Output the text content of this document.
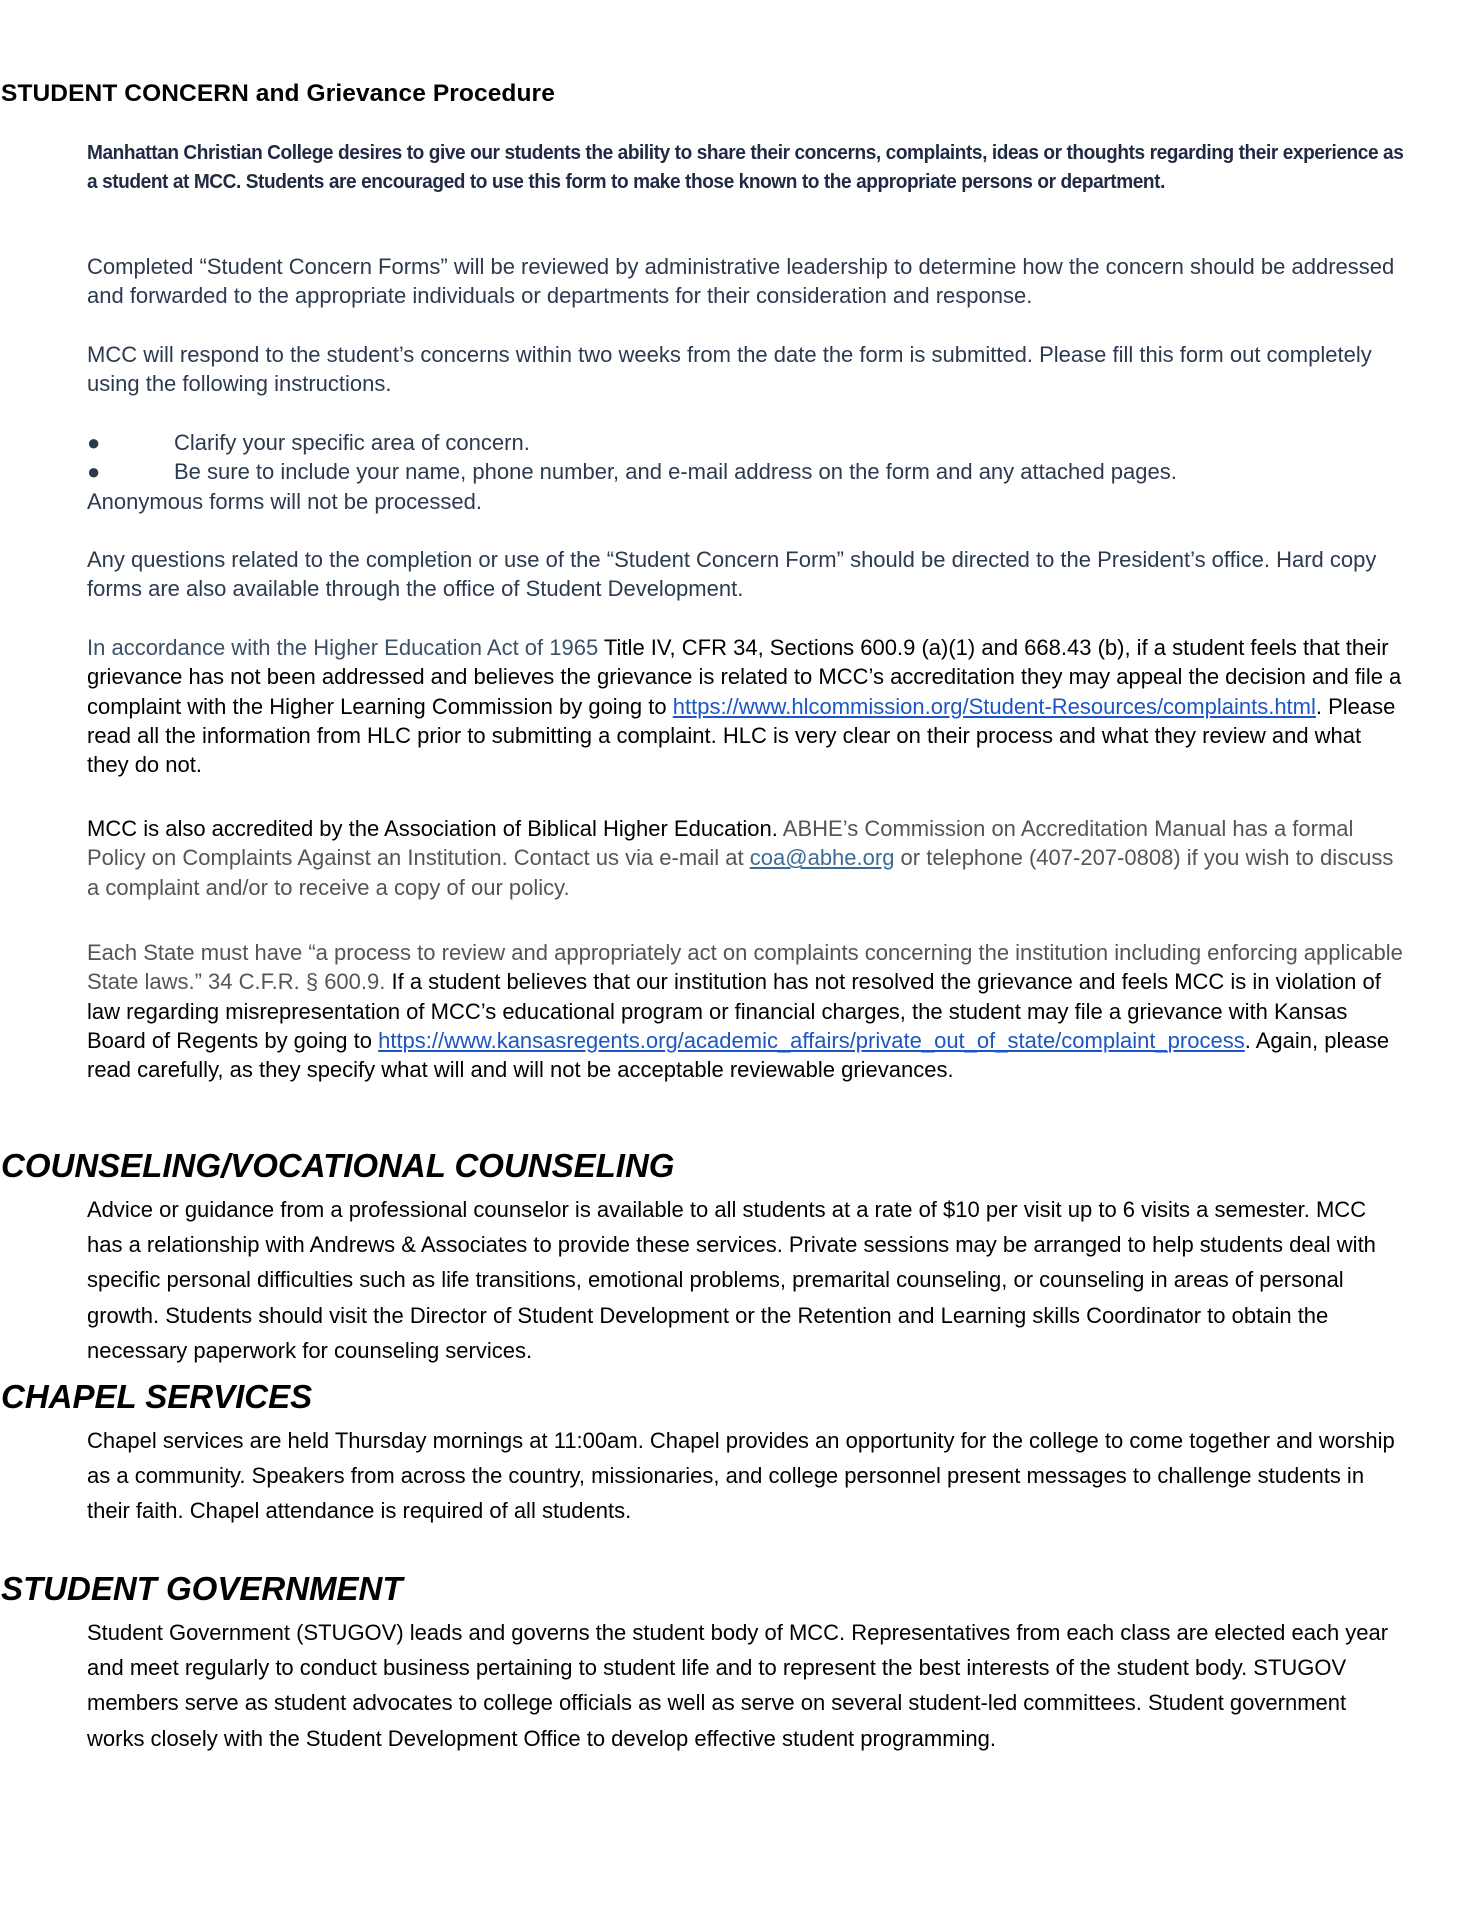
STUDENT CONCERN and Grievance Procedure

Manhattan Christian College desires to give our students the ability to share their concerns, complaints, ideas or thoughts regarding their experience as a student at MCC. Students are encouraged to use this form to make those known to the appropriate persons or department.

Completed “Student Concern Forms” will be reviewed by administrative leadership to determine how the concern should be addressed and forwarded to the appropriate individuals or departments for their consideration and response.

MCC will respond to the student’s concerns within two weeks from the date the form is submitted. Please fill this form out completely using the following instructions.

●	Clarify your specific area of concern.
●	Be sure to include your name, phone number, and e-mail address on the form and any attached pages.
Anonymous forms will not be processed.

Any questions related to the completion or use of the “Student Concern Form” should be directed to the President’s office. Hard copy forms are also available through the office of Student Development.

In accordance with the Higher Education Act of 1965 Title IV, CFR 34, Sections 600.9 (a)(1) and 668.43 (b), if a student feels that their grievance has not been addressed and believes the grievance is related to MCC’s accreditation they may appeal the decision and file a complaint with the Higher Learning Commission by going to https://www.hlcommission.org/Student-Resources/complaints.html. Please read all the information from HLC prior to submitting a complaint. HLC is very clear on their process and what they review and what they do not.

MCC is also accredited by the Association of Biblical Higher Education. ABHE’s Commission on Accreditation Manual has a formal Policy on Complaints Against an Institution. Contact us via e-mail at coa@abhe.org or telephone (407-207-0808) if you wish to discuss a complaint and/or to receive a copy of our policy.

Each State must have “a process to review and appropriately act on complaints concerning the institution including enforcing applicable State laws.” 34 C.F.R. § 600.9. If a student believes that our institution has not resolved the grievance and feels MCC is in violation of law regarding misrepresentation of MCC’s educational program or financial charges, the student may file a grievance with Kansas Board of Regents by going to https://www.kansasregents.org/academic_affairs/private_out_of_state/complaint_process. Again, please read carefully, as they specify what will and will not be acceptable reviewable grievances.

COUNSELING/VOCATIONAL COUNSELING

Advice or guidance from a professional counselor is available to all students at a rate of $10 per visit up to 6 visits a semester. MCC has a relationship with Andrews & Associates to provide these services. Private sessions may be arranged to help students deal with specific personal difficulties such as life transitions, emotional problems, premarital counseling, or counseling in areas of personal growth. Students should visit the Director of Student Development or the Retention and Learning skills Coordinator to obtain the necessary paperwork for counseling services.

CHAPEL SERVICES

Chapel services are held Thursday mornings at 11:00am. Chapel provides an opportunity for the college to come together and worship as a community. Speakers from across the country, missionaries, and college personnel present messages to challenge students in their faith. Chapel attendance is required of all students.

STUDENT GOVERNMENT

Student Government (STUGOV) leads and governs the student body of MCC. Representatives from each class are elected each year and meet regularly to conduct business pertaining to student life and to represent the best interests of the student body. STUGOV members serve as student advocates to college officials as well as serve on several student-led committees. Student government works closely with the Student Development Office to develop effective student programming.
